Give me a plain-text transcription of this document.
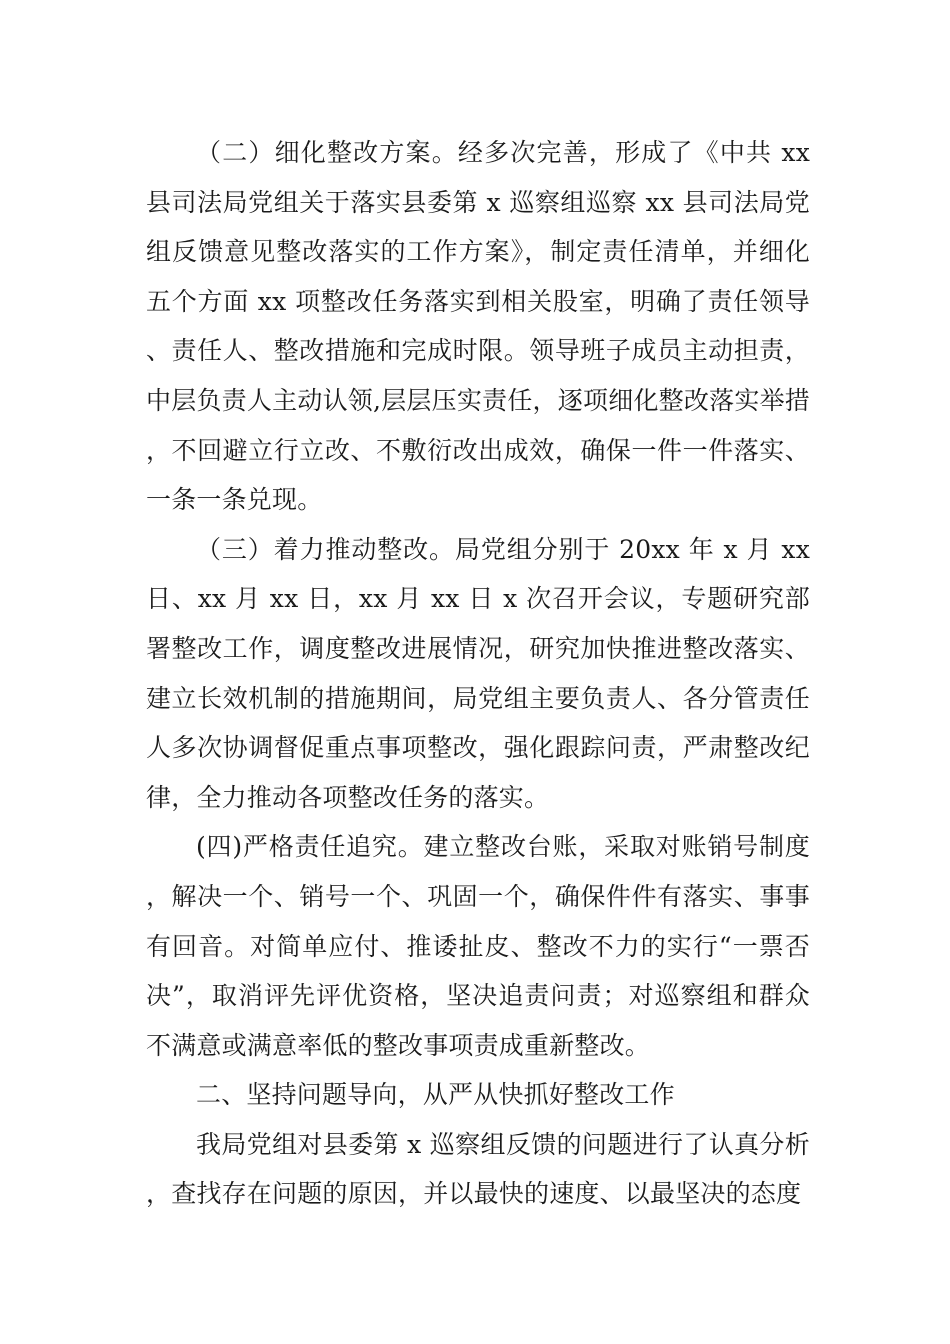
（二）细化整改方案。经多次完善，形成了《中共 xx 县司法局党组关于落实县委第 x 巡察组巡察 xx 县司法局党组反馈意见整改落实的工作方案》，制定责任清单，并细化五个方面 xx 项整改任务落实到相关股室，明确了责任领导、责任人、整改措施和完成时限。领导班子成员主动担责，中层负责人主动认领,层层压实责任，逐项细化整改落实举措，不回避立行立改、不敷衍改出成效，确保一件一件落实、一条一条兑现。

（三）着力推动整改。局党组分别于 20xx 年 x 月 xx 日、xx 月 xx 日，xx 月 xx 日 x 次召开会议，专题研究部署整改工作，调度整改进展情况，研究加快推进整改落实、建立长效机制的措施期间，局党组主要负责人、各分管责任人多次协调督促重点事项整改，强化跟踪问责，严肃整改纪律，全力推动各项整改任务的落实。

(四)严格责任追究。建立整改台账，采取对账销号制度，解决一个、销号一个、巩固一个，确保件件有落实、事事有回音。对简单应付、推诿扯皮、整改不力的实行“一票否决”，取消评先评优资格，坚决追责问责；对巡察组和群众不满意或满意率低的整改事项责成重新整改。

二、坚持问题导向，从严从快抓好整改工作

我局党组对县委第 x 巡察组反馈的问题进行了认真分析，查找存在问题的原因，并以最快的速度、以最坚决的态度
